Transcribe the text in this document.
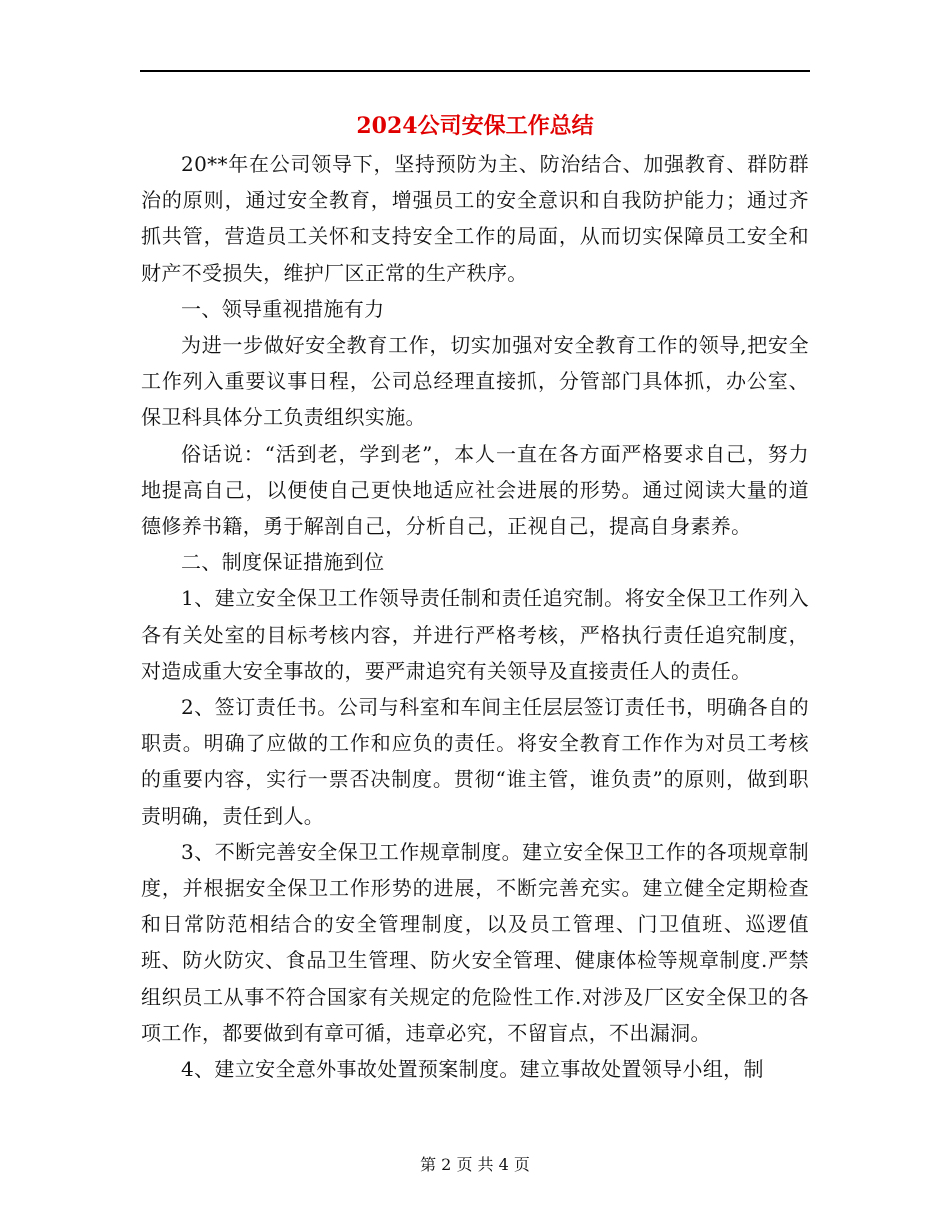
2024公司安保工作总结

20**年在公司领导下，坚持预防为主、防治结合、加强教育、群防群治的原则，通过安全教育，增强员工的安全意识和自我防护能力；通过齐抓共管，营造员工关怀和支持安全工作的局面，从而切实保障员工安全和财产不受损失，维护厂区正常的生产秩序。

一、领导重视措施有力

为进一步做好安全教育工作，切实加强对安全教育工作的领导,把安全工作列入重要议事日程，公司总经理直接抓，分管部门具体抓，办公室、保卫科具体分工负责组织实施。

俗话说：“活到老，学到老”，本人一直在各方面严格要求自己，努力地提高自己，以便使自己更快地适应社会进展的形势。通过阅读大量的道德修养书籍，勇于解剖自己，分析自己，正视自己，提高自身素养。

二、制度保证措施到位

1、建立安全保卫工作领导责任制和责任追究制。将安全保卫工作列入各有关处室的目标考核内容，并进行严格考核，严格执行责任追究制度，对造成重大安全事故的，要严肃追究有关领导及直接责任人的责任。

2、签订责任书。公司与科室和车间主任层层签订责任书，明确各自的职责。明确了应做的工作和应负的责任。将安全教育工作作为对员工考核的重要内容，实行一票否决制度。贯彻“谁主管，谁负责”的原则，做到职责明确，责任到人。

3、不断完善安全保卫工作规章制度。建立安全保卫工作的各项规章制度，并根据安全保卫工作形势的进展，不断完善充实。建立健全定期检查和日常防范相结合的安全管理制度，以及员工管理、门卫值班、巡逻值班、防火防灾、食品卫生管理、防火安全管理、健康体检等规章制度.严禁组织员工从事不符合国家有关规定的危险性工作.对涉及厂区安全保卫的各项工作，都要做到有章可循，违章必究，不留盲点，不出漏洞。

4、建立安全意外事故处置预案制度。建立事故处置领导小组，制

第 2 页 共 4 页
